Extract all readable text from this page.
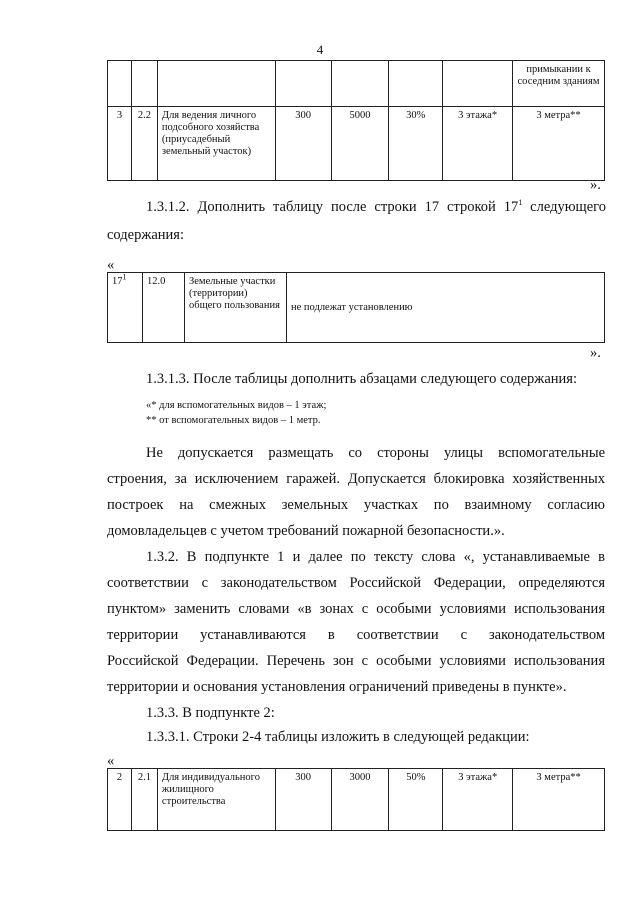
4
							примыкании к соседним зданиям
3	2.2	Для ведения личного подсобного хозяйства (приусадебный земельный участок)	300	5000	30%	3 этажа*	3 метра**
».
1.3.1.2. Дополнить таблицу после строки 17 строкой $17^1$ следующего
содержания:
«
$17^1$	12.0	Земельные участки (территории) общего пользования	не подлежат установлению
».
1.3.1.3. После таблицы дополнить абзацами следующего содержания:
«* для вспомогательных видов – 1 этаж;
** от вспомогательных видов – 1 метр.
Не допускается размещать со стороны улицы вспомогательные
строения, за исключением гаражей. Допускается блокировка хозяйственных
построек на смежных земельных участках по взаимному согласию
домовладельцев с учетом требований пожарной безопасности.».
1.3.2. В подпункте 1 и далее по тексту слова «, устанавливаемые в
соответствии с законодательством Российской Федерации, определяются
пунктом» заменить словами «в зонах с особыми условиями использования
территории устанавливаются в соответствии с законодательством
Российской Федерации. Перечень зон с особыми условиями использования
территории и основания установления ограничений приведены в пункте».
1.3.3. В подпункте 2:
1.3.3.1. Строки 2-4 таблицы изложить в следующей редакции:
«
2	2.1	Для индивидуального жилищного строительства	300	3000	50%	3 этажа*	3 метра**
